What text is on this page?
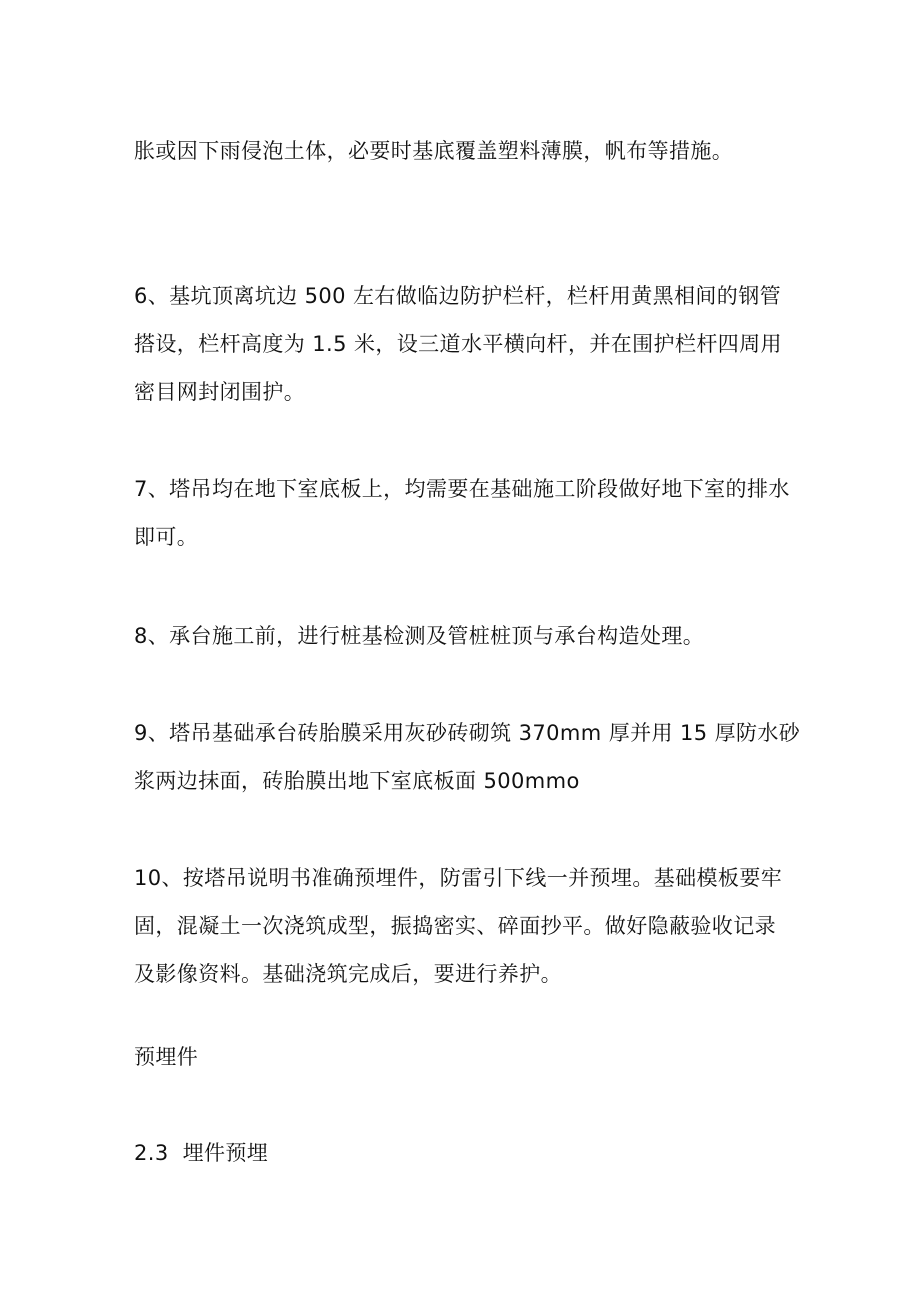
胀或因下雨侵泡土体，必要时基底覆盖塑料薄膜，帆布等措施。

6、基坑顶离坑边 500 左右做临边防护栏杆，栏杆用黄黑相间的钢管
搭设，栏杆高度为 1.5 米，设三道水平横向杆，并在围护栏杆四周用
密目网封闭围护。

7、塔吊均在地下室底板上，均需要在基础施工阶段做好地下室的排水
即可。

8、承台施工前，进行桩基检测及管桩桩顶与承台构造处理。

9、塔吊基础承台砖胎膜采用灰砂砖砌筑 370mm 厚并用 15 厚防水砂
浆两边抹面，砖胎膜出地下室底板面 500mmo

10、按塔吊说明书准确预埋件，防雷引下线一并预埋。基础模板要牢
固，混凝土一次浇筑成型，振捣密实、碎面抄平。做好隐蔽验收记录
及影像资料。基础浇筑完成后，要进行养护。

预埋件

2.3 埋件预埋
